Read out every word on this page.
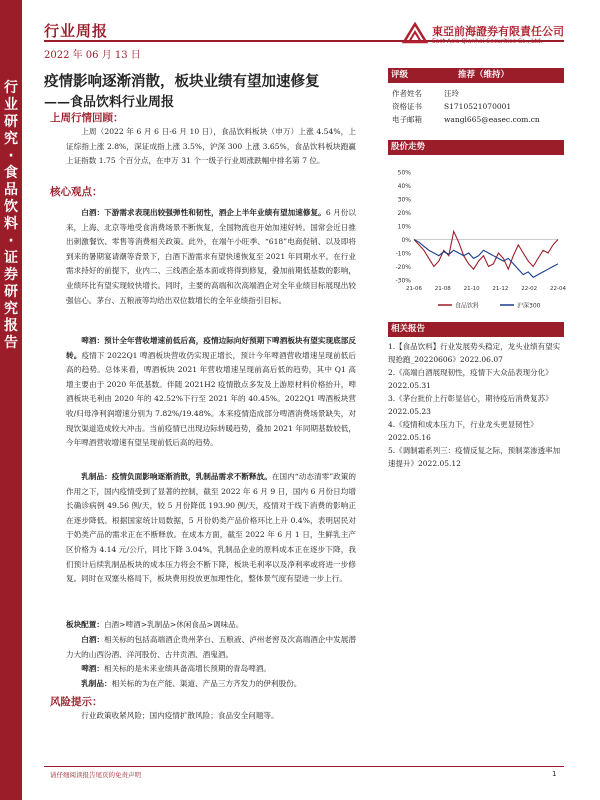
行业研究·食品饮料·证券研究报告
行业周报
2022 年 06 月 13 日
東亞前海證券有限責任公司
East Asia Qianhai Securities Co., Ltd.
疫情影响逐渐消散，板块业绩有望加速修复
——食品饮料行业周报
上周行情回顾：
上周（2022 年 6 月 6 日-6 月 10 日），食品饮料板块（申万）上涨 4.54%，上证综指上涨 2.8%，深证成指上涨 3.5%，沪深 300 上涨 3.65%，食品饮料板块跑赢上证指数 1.75 个百分点，在申万 31 个一级子行业周涨跌幅中排名第 7 位。
核心观点：
白酒：下游需求表现出较强弹性和韧性，酒企上半年业绩有望加速修复。6 月份以来，上海、北京等地受食消费场景不断恢复，全国物流也开始加速好转。国常会近日推出刺激餐饮、零售等消费相关政策。此外，在端午小旺季、“618”电商促销、以及即将到来的暑期宴请潮等背景下，白酒下游需求有望快速恢复至 2021 年同期水平。在行业需求持好的前提下，业内二、三线酒企基本面或将得到修复，叠加前期低基数的影响，业绩环比有望实现较快增长。同时，主要的高端和次高端酒企对全年业绩目标展现出较强信心。茅台、五粮液等均给出双位数增长的全年业绩指引目标。
啤酒：预计全年营收增速前低后高，疫情边际向好预期下啤酒板块有望实现底部反转。疫情下 2022Q1 啤酒板块营收仍实现正增长，预计今年啤酒营收增速呈现前低后高的趋势。总体来看，啤酒板块 2021 年营收增速呈现前高后低的趋势，其中 Q1 高增主要由于 2020 年低基数。伴随 2021H2 疫情散点多发及上游原材料价格抬升，啤酒板块毛利由 2020 年的 42.52%下行至 2021 年的 40.45%。2022Q1 啤酒板块营收/归母净利润增速分别为 7.82%/19.48%。本来疫情造成部分啤酒消费场景缺失，对现饮渠道造成较大冲击。当前疫情已出现边际转暖趋势，叠加 2021 年同期基数较低，今年啤酒营收增速有望呈现前低后高的趋势。
乳制品：疫情负面影响逐渐消散，乳制品需求不断释放。在国内“动态清零”政策的作用之下，国内疫情受到了显著的控制，截至 2022 年 6 月 9 日，国内 6 月份日均增长确诊病例 49.56 例/天，较 5 月份降低 193.90 例/天，疫情对于线下消费的影响正在逐步降低。根据国家统计局数据，5 月份奶类产品价格环比上升 0.4%，表明居民对于奶类产品的需求正在不断释放。在成本方面，截至 2022 年 6 月 1 日，生鲜乳主产区价格为 4.14 元/公斤，同比下降 3.04%，乳制品企业的原料成本正在逐步下降，我们预计后续乳制品板块的成本压力将会不断下降，板块毛利率以及净利率或将进一步修复。同时在双塞头格局下，板块费用投放更加理性化，整体景气度有望进一步上行。
板块配置：白酒>啤酒>乳制品>休闲食品>调味品。
白酒：相关标的包括高端酒企贵州茅台、五粮液、泸州老窖及次高端酒企中发展潜力大的山西汾酒、洋河股份、古井贡酒、酒鬼酒。
啤酒：相关标的是未来业绩具备高增长预期的青岛啤酒。
乳制品：相关标的为在产能、渠道、产品三方齐发力的伊利股份。
风险提示：
行业政策收紧风险；国内疫情扩散风险；食品安全问题等。
评级	推荐（维持）
作者姓名	汪玲
资格证书	S1710521070001
电子邮箱	wangl665@easec.com.cn
股价走势
50%
40%
30%
20%
10%
0%
-10%
-20%
-30%
21-06 21-08 21-10 21-12 22-02 22-04
食品饮料	沪深300
相关报告
1.【食品饮料】行业发展势头稳定，龙头业绩有望实现抢跑_20220606》2022.06.07
2.《高端白酒展现韧性，疫情下大众品表现分化》2022.05.31
3.《茅台批价上行彰显信心，期待疫后消费复苏》2022.05.23
4.《疫情和成本压力下，行业龙头更显韧性》2022.05.16
5.《调制霜系列三：疫情反复之际，预制菜渗透率加速提升》2022.05.12
请仔细阅读报告尾页的免责声明	1
